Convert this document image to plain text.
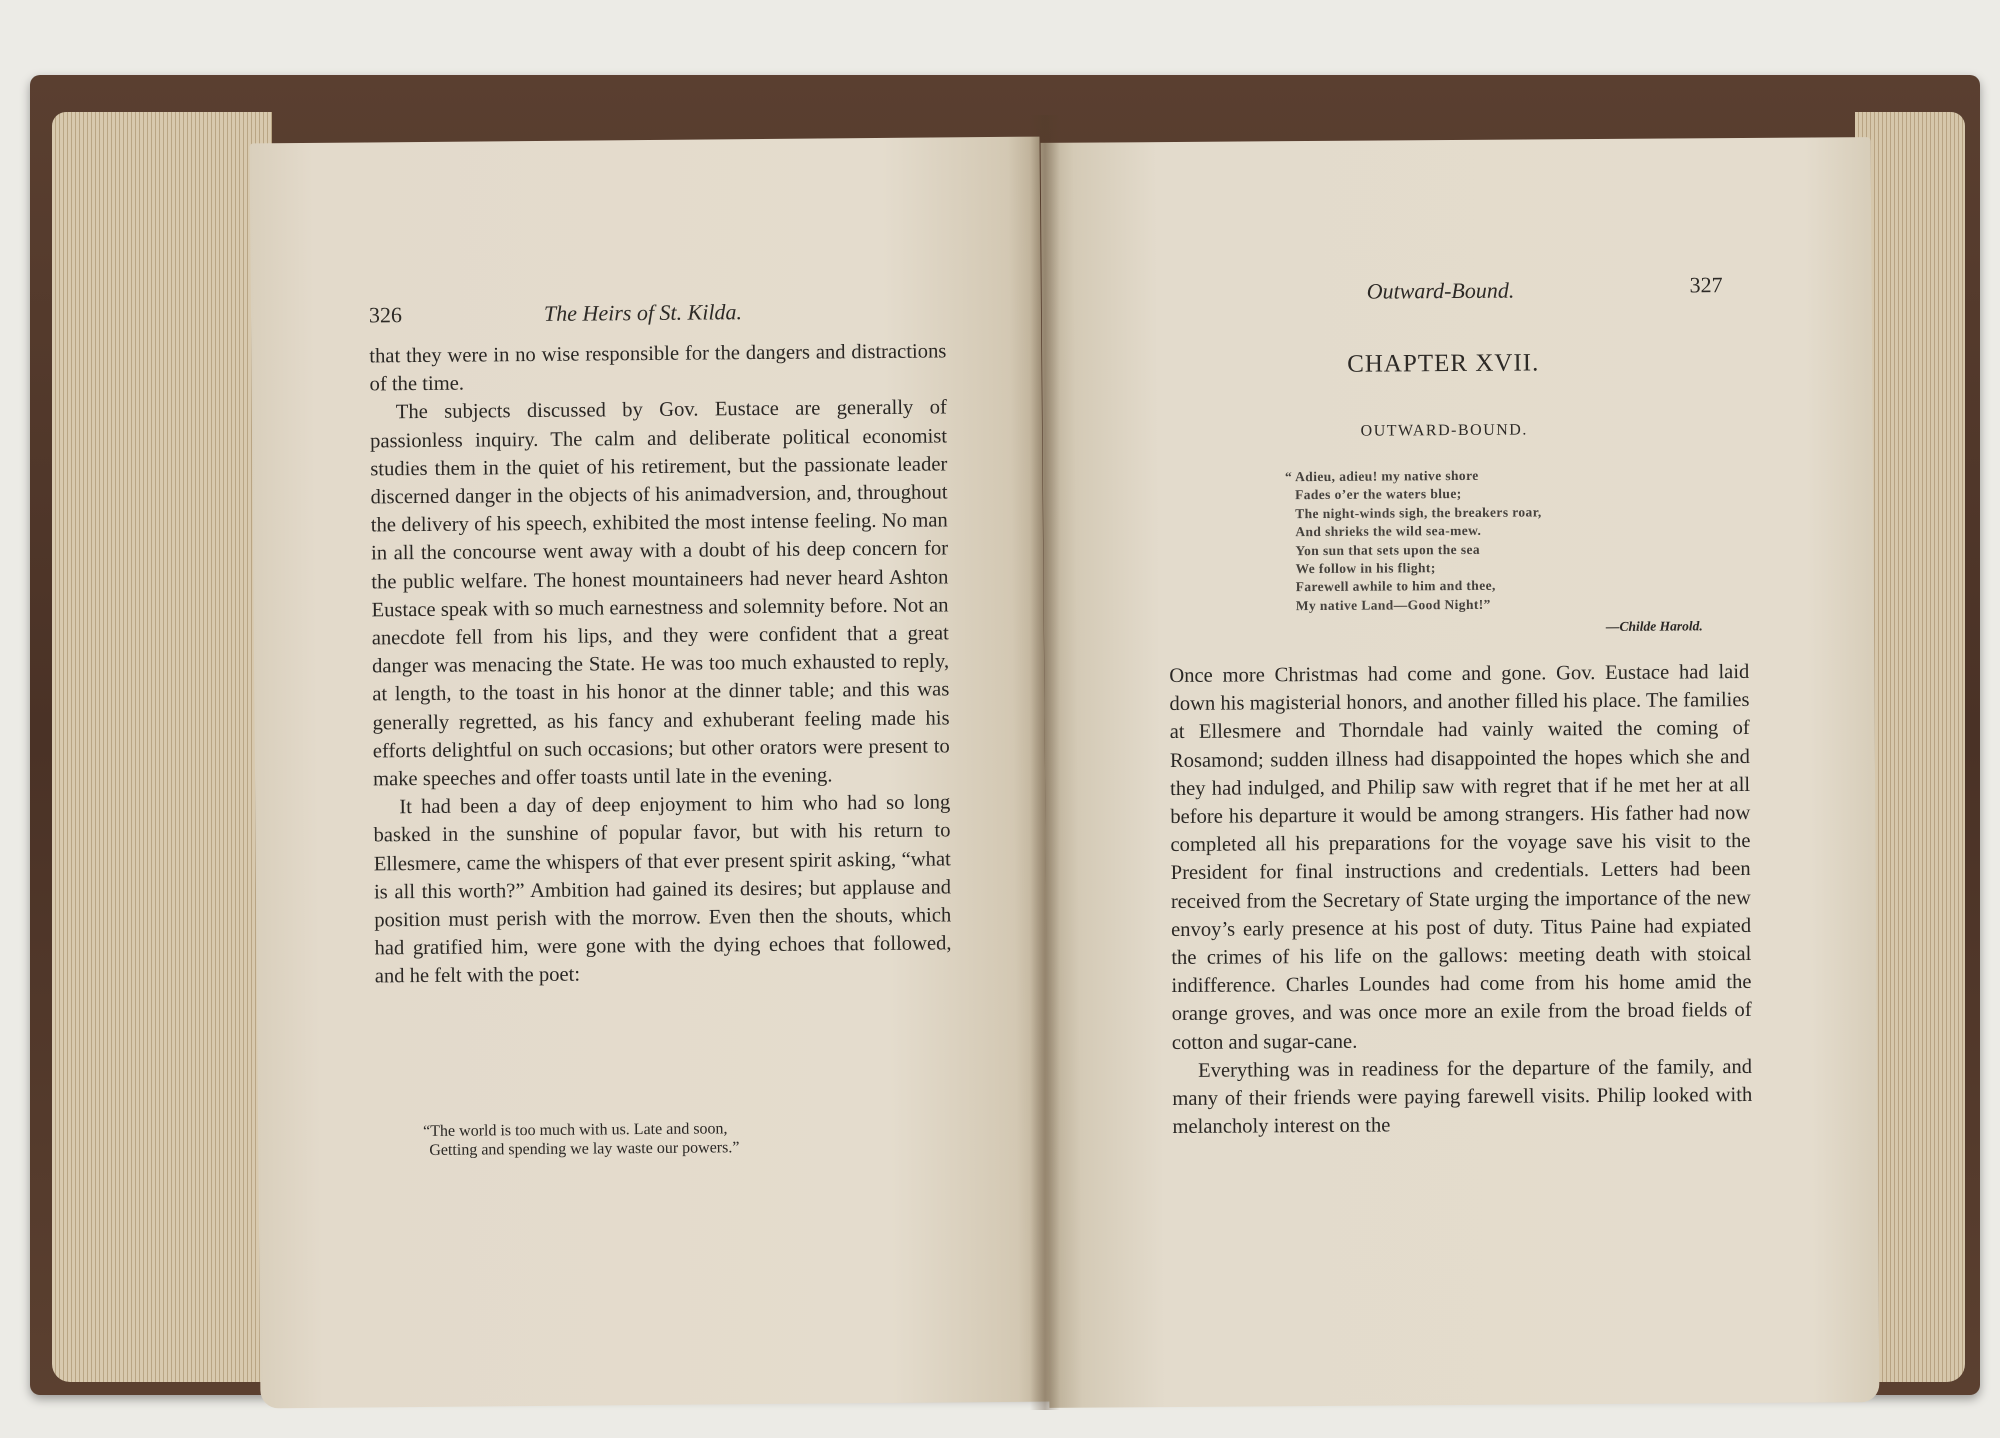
326	The Heirs of St. Kilda.

that they were in no wise responsible for the dangers and distractions of the time.

The subjects discussed by Gov. Eustace are generally of passionless inquiry. The calm and deliberate political economist studies them in the quiet of his retirement, but the passionate leader discerned danger in the objects of his animadversion, and, throughout the delivery of his speech, exhibited the most intense feeling. No man in all the concourse went away with a doubt of his deep concern for the public welfare. The honest mountaineers had never heard Ashton Eustace speak with so much earnestness and solemnity before. Not an anecdote fell from his lips, and they were confident that a great danger was menacing the State. He was too much exhausted to reply, at length, to the toast in his honor at the dinner table; and this was generally regretted, as his fancy and exhuberant feeling made his efforts delightful on such occasions; but other orators were present to make speeches and offer toasts until late in the evening.

It had been a day of deep enjoyment to him who had so long basked in the sunshine of popular favor, but with his return to Ellesmere, came the whispers of that ever present spirit asking, “what is all this worth?” Ambition had gained its desires; but applause and position must perish with the morrow. Even then the shouts, which had gratified him, were gone with the dying echoes that followed, and he felt with the poet:

“The world is too much with us. Late and soon,
Getting and spending we lay waste our powers.”
Outward-Bound.	327
CHAPTER XVII.
OUTWARD-BOUND.
“ Adieu, adieu! my native shore
Fades o’er the waters blue;
The night-winds sigh, the breakers roar,
And shrieks the wild sea-mew.
Yon sun that sets upon the sea
We follow in his flight;
Farewell awhile to him and thee,
My native Land—Good Night!”
—Childe Harold.

Once more Christmas had come and gone. Gov. Eustace had laid down his magisterial honors, and another filled his place. The families at Ellesmere and Thorndale had vainly waited the coming of Rosamond; sudden illness had disappointed the hopes which she and they had indulged, and Philip saw with regret that if he met her at all before his departure it would be among strangers. His father had now completed all his preparations for the voyage save his visit to the President for final instructions and credentials. Letters had been received from the Secretary of State urging the importance of the new envoy’s early presence at his post of duty. Titus Paine had expiated the crimes of his life on the gallows: meeting death with stoical indifference. Charles Loundes had come from his home amid the orange groves, and was once more an exile from the broad fields of cotton and sugar-cane.

Everything was in readiness for the departure of the family, and many of their friends were paying farewell visits. Philip looked with melancholy interest on the
